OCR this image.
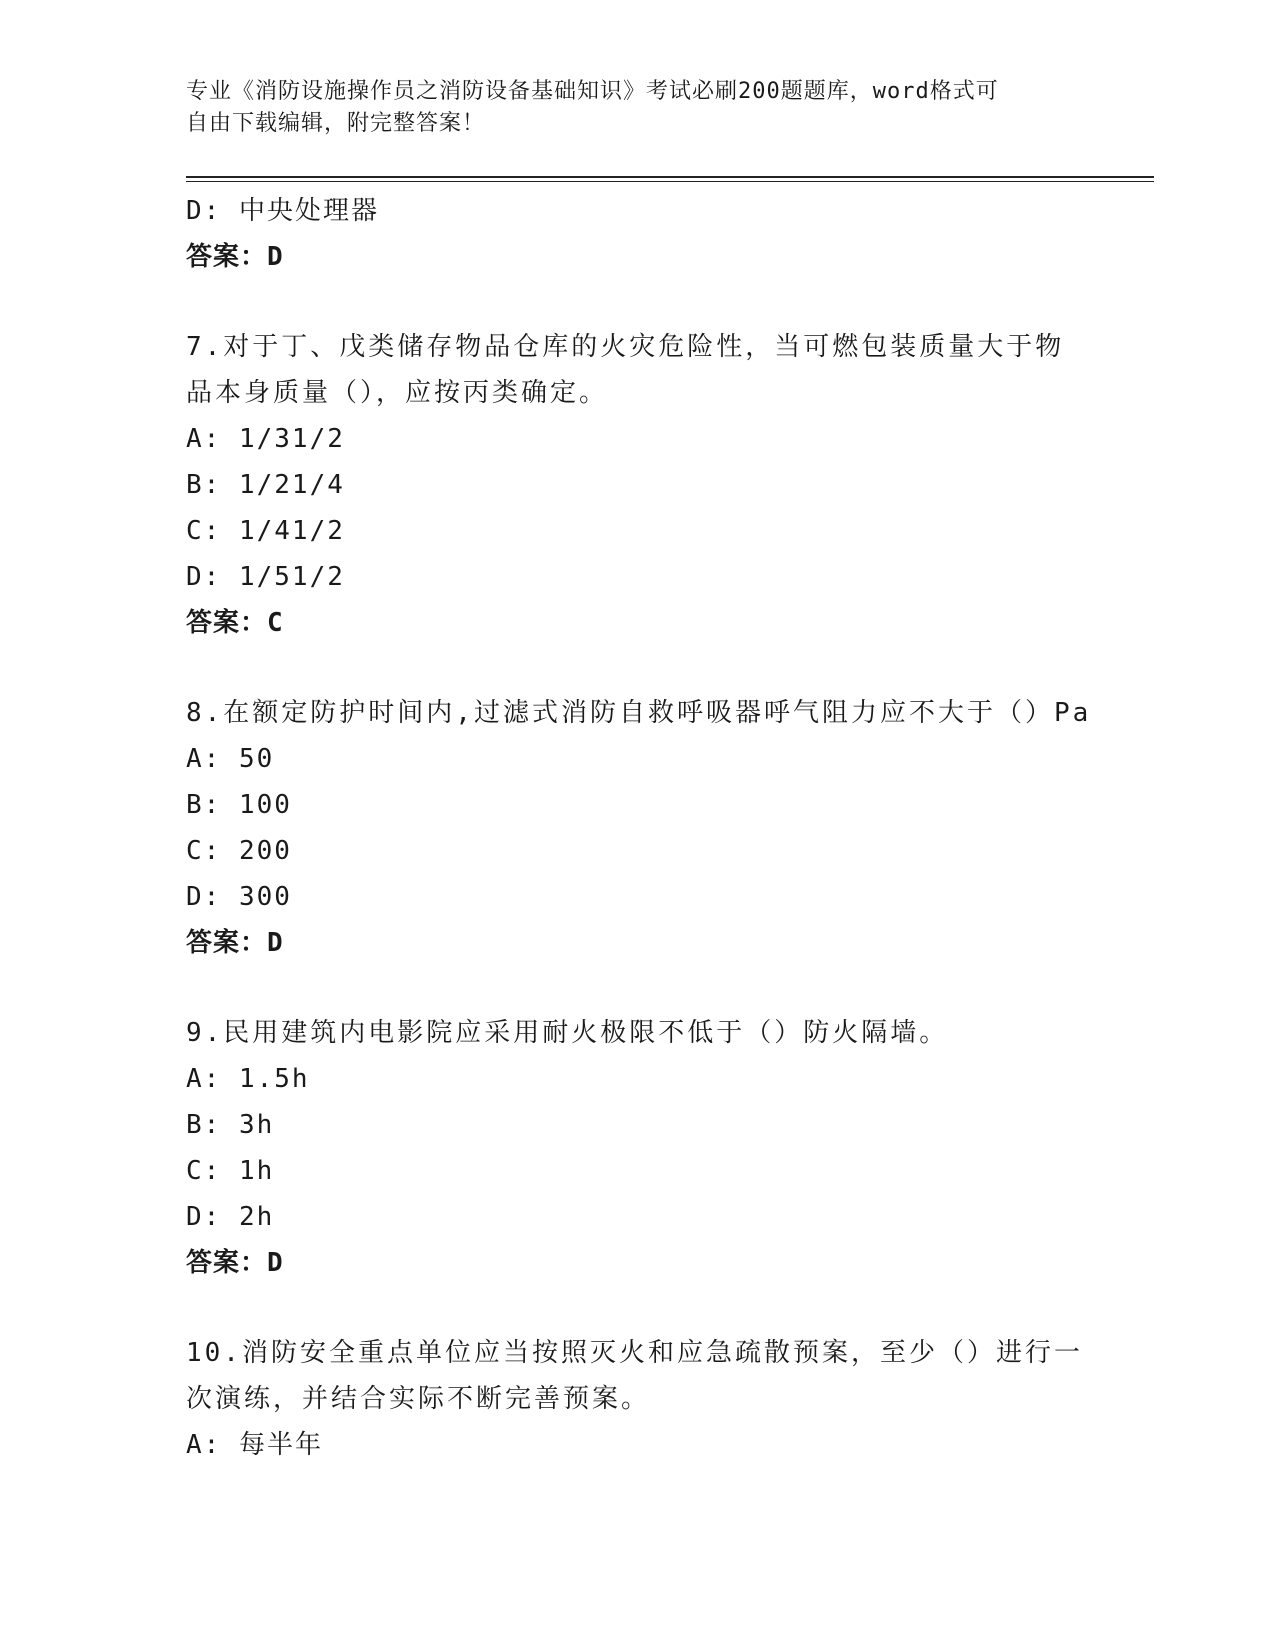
专业《消防设施操作员之消防设备基础知识》考试必刷200题题库，word格式可
自由下载编辑，附完整答案！
D: 中央处理器
答案：D
7.对于丁、戊类储存物品仓库的火灾危险性，当可燃包装质量大于物
品本身质量（），应按丙类确定。
A: 1/31/2
B: 1/21/4
C: 1/41/2
D: 1/51/2
答案：C
8.在额定防护时间内,过滤式消防自救呼吸器呼气阻力应不大于（）Pa
A: 50
B: 100
C: 200
D: 300
答案：D
9.民用建筑内电影院应采用耐火极限不低于（）防火隔墙。
A: 1.5h
B: 3h
C: 1h
D: 2h
答案：D
10.消防安全重点单位应当按照灭火和应急疏散预案，至少（）进行一
次演练，并结合实际不断完善预案。
A: 每半年
